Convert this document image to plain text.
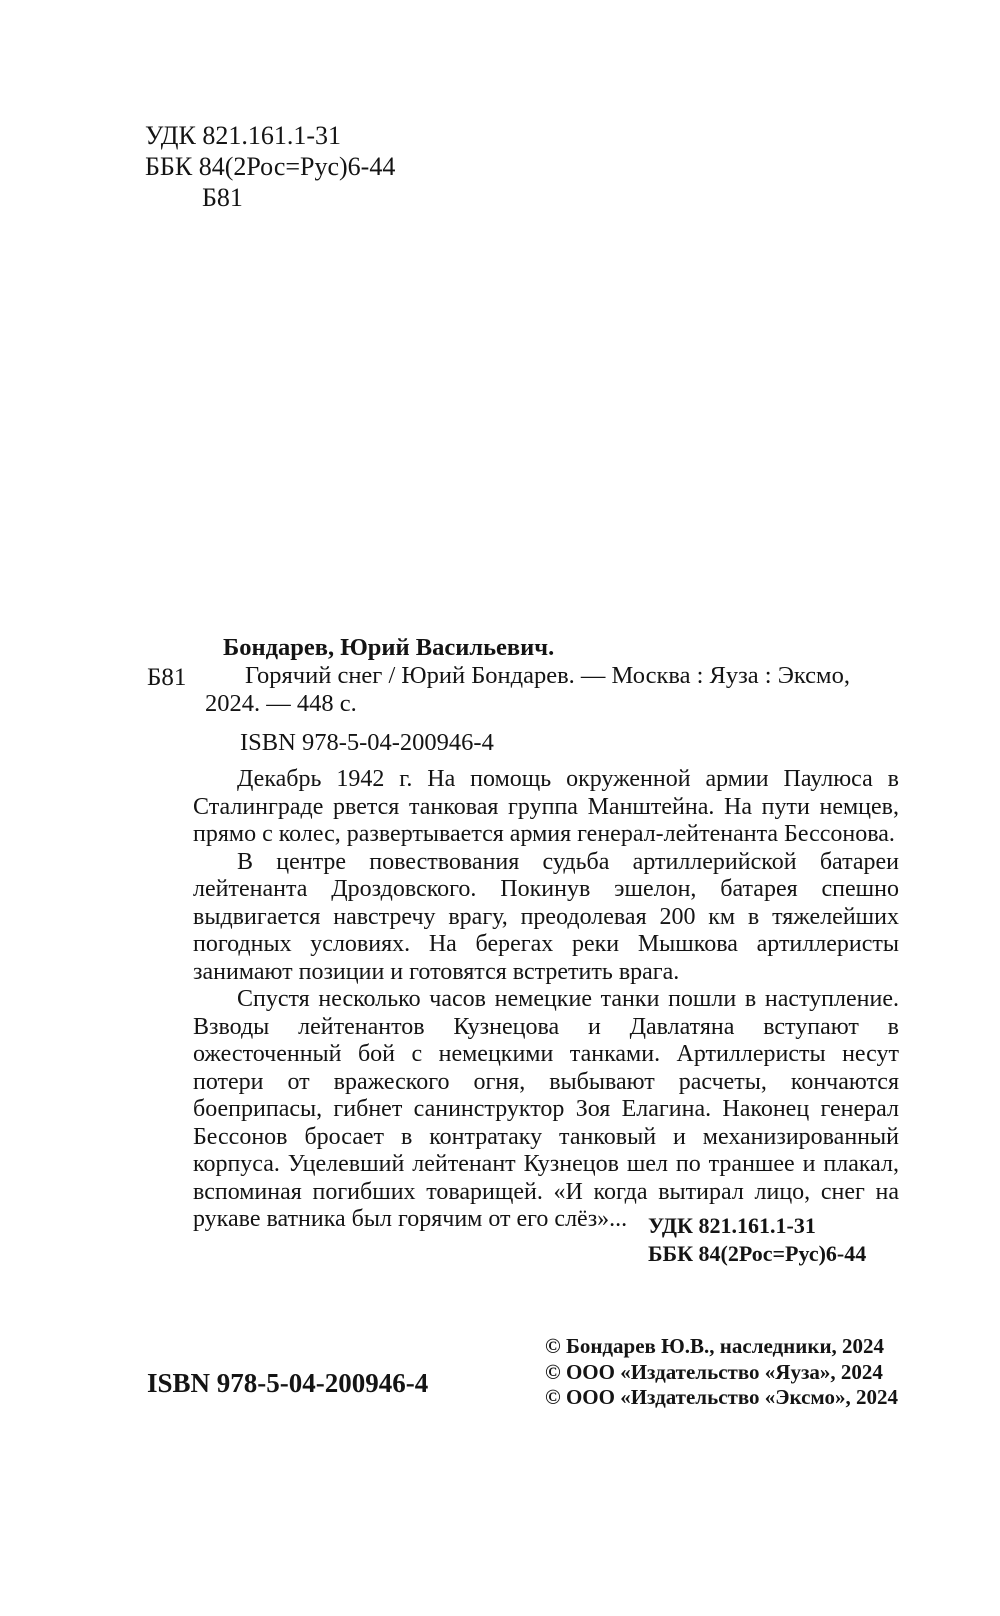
УДК 821.161.1-31
ББК 84(2Рос=Рус)6-44
Б81
Б81
Бондарев, Юрий Васильевич.
Горячий снег / Юрий Бондарев. — Москва : Яуза : Эксмо, 2024. — 448 с.
ISBN 978-5-04-200946-4

Декабрь 1942 г. На помощь окруженной армии Паулюса в Сталинграде рвется танковая группа Манштейна. На пути немцев, прямо с колес, развертывается армия генерал-лейтенанта Бессонова.

В центре повествования судьба артиллерийской батареи лейтенанта Дроздовского. Покинув эшелон, батарея спешно выдвигается навстречу врагу, преодолевая 200 км в тяжелейших погодных условиях. На берегах реки Мышкова артиллеристы занимают позиции и готовятся встретить врага.

Спустя несколько часов немецкие танки пошли в наступление. Взводы лейтенантов Кузнецова и Давлатяна вступают в ожесточенный бой с немецкими танками. Артиллеристы несут потери от вражеского огня, выбывают расчеты, кончаются боеприпасы, гибнет санинструктор Зоя Елагина. Наконец генерал Бессонов бросает в контратаку танковый и механизированный корпуса. Уцелевший лейтенант Кузнецов шел по траншее и плакал, вспоминая погибших товарищей. «И когда вытирал лицо, снег на рукаве ватника был горячим от его слёз»... УДК 821.161.1-31
ББК 84(2Рос=Рус)6-44
ISBN 978-5-04-200946-4
© Бондарев Ю.В., наследники, 2024
© ООО «Издательство «Яуза», 2024
© ООО «Издательство «Эксмо», 2024
